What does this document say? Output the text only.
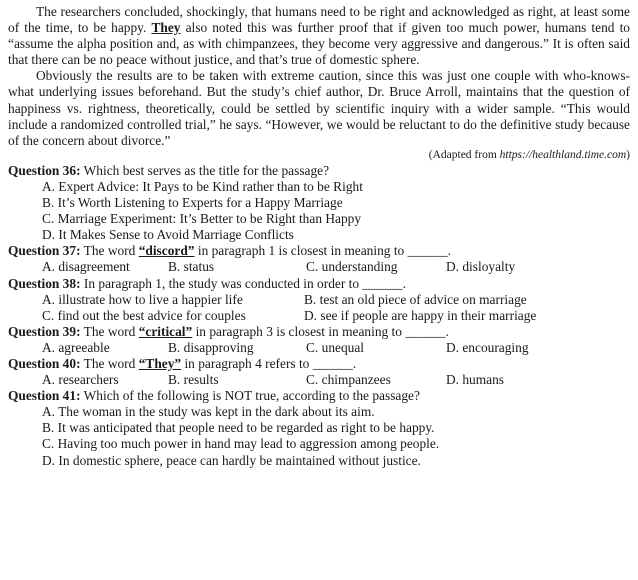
The researchers concluded, shockingly, that humans need to be right and acknowledged as right, at least some of the time, to be happy. They also noted this was further proof that if given too much power, humans tend to “assume the alpha position and, as with chimpanzees, they become very aggressive and dangerous.” It is often said that there can be no peace without justice, and that’s true of domestic sphere.

Obviously the results are to be taken with extreme caution, since this was just one couple with who-knows-what underlying issues beforehand. But the study’s chief author, Dr. Bruce Arroll, maintains that the question of happiness vs. rightness, theoretically, could be settled by scientific inquiry with a wider sample. “This would include a randomized controlled trial,” he says. “However, we would be reluctant to do the definitive study because of the concern about divorce.”

(Adapted from https://healthland.time.com)

Question 36: Which best serves as the title for the passage?

A. Expert Advice: It Pays to be Kind rather than to be Right

B. It’s Worth Listening to Experts for a Happy Marriage

C. Marriage Experiment: It’s Better to be Right than Happy

D. It Makes Sense to Avoid Marriage Conflicts

Question 37: The word “discord” in paragraph 1 is closest in meaning to ______.

A. disagreement	B. status	C. understanding	D. disloyalty

Question 38: In paragraph 1, the study was conducted in order to ______.

A. illustrate how to live a happier life	B. test an old piece of advice on marriage
C. find out the best advice for couples	D. see if people are happy in their marriage

Question 39: The word “critical” in paragraph 3 is closest in meaning to ______.

A. agreeable	B. disapproving	C. unequal	D. encouraging

Question 40: The word “They” in paragraph 4 refers to ______.

A. researchers	B. results	C. chimpanzees	D. humans

Question 41: Which of the following is NOT true, according to the passage?

A. The woman in the study was kept in the dark about its aim.

B. It was anticipated that people need to be regarded as right to be happy.

C. Having too much power in hand may lead to aggression among people.

D. In domestic sphere, peace can hardly be maintained without justice.
